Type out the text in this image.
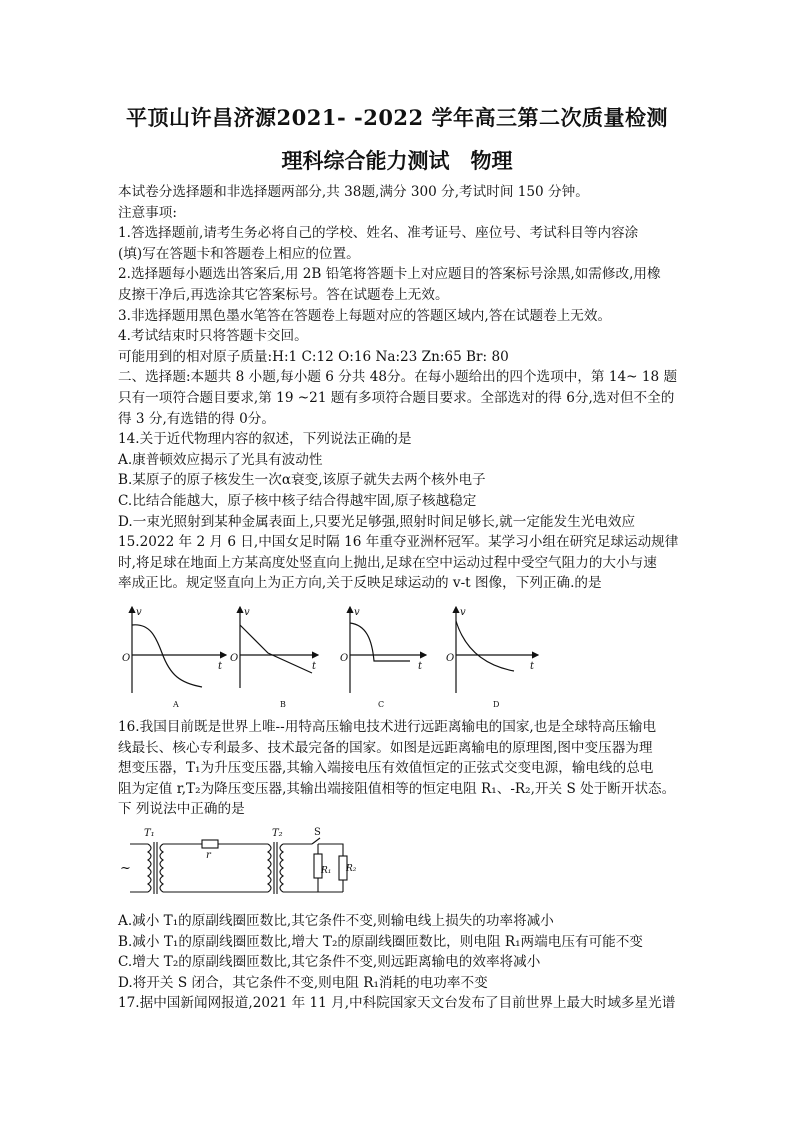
平顶山许昌济源2021- -2022 学年高三第二次质量检测
理科综合能力测试　物理

本试卷分选择题和非选择题两部分,共 38题,满分 300 分,考试时间 150 分钟。

注意事项:

1.答选择题前,请考生务必将自己的学校、姓名、准考证号、座位号、考试科目等内容涂

(填)写在答题卡和答题卷上相应的位置。

2.选择题每小题选出答案后,用 2B 铅笔将答题卡上对应题目的答案标号涂黑,如需修改,用橡

皮擦干净后,再选涂其它答案标号。答在试题卷上无效。

3.非选择题用黑色墨水笔答在答题卷上每题对应的答题区域内,答在试题卷上无效。

4.考试结束时只将答题卡交回。

可能用到的相对原子质量:H:1 C:12 O:16 Na:23 Zn:65 Br: 80

二、选择题:本题共 8 小题,每小题 6 分共 48分。在每小题给出的四个选项中，第 14~ 18 题

只有一项符合题目要求,第 19 ~21 题有多项符合题目要求。全部选对的得 6分,选对但不全的

得 3 分,有选错的得 0分。

14.关于近代物理内容的叙述，下列说法正确的是

A.康普顿效应揭示了光具有波动性

B.某原子的原子核发生一次α衰变,该原子就失去两个核外电子

C.比结合能越大，原子核中核子结合得越牢固,原子核越稳定

D.一束光照射到某种金属表面上,只要光足够强,照射时间足够长,就一定能发生光电效应

15.2022 年 2 月 6 日,中国女足时隔 16 年重夺亚洲杯冠军。某学习小组在研究足球运动规律

时,将足球在地面上方某高度处竖直向上抛出,足球在空中运动过程中受空气阻力的大小与速

率成正比。规定竖直向上为正方向,关于反映足球运动的 v-t 图像，下列正确.的是

v
O
t
v
O
t
v
O
t
v
O
t
A	B	C	D

16.我国目前既是世界上唯--用特高压输电技术进行远距离输电的国家,也是全球特高压输电

线最长、核心专利最多、技术最完备的国家。如图是远距离输电的原理图,图中变压器为理

想变压器，T₁为升压变压器,其输入端接电压有效值恒定的正弦式交变电源，输电线的总电

阻为定值 r,T₂为降压变压器,其输出端接阻值相等的恒定电阻 R₁、-R₂,开关 S 处于断开状态。

下 列说法中正确的是

T₁
r
T₂	S
R₁ R₂
~

A.减小 T₁的原副线圈匝数比,其它条件不变,则输电线上损失的功率将减小

B.减小 T₁的原副线圈匝数比,增大 T₂的原副线圈匝数比，则电阻 R₁两端电压有可能不变

C.增大 T₂的原副线圈匝数比,其它条件不变,则远距离输电的效率将减小

D.将开关 S 闭合，其它条件不变,则电阻 R₁消耗的电功率不变

17.据中国新闻网报道,2021 年 11 月,中科院国家天文台发布了目前世界上最大时域多星光谱
